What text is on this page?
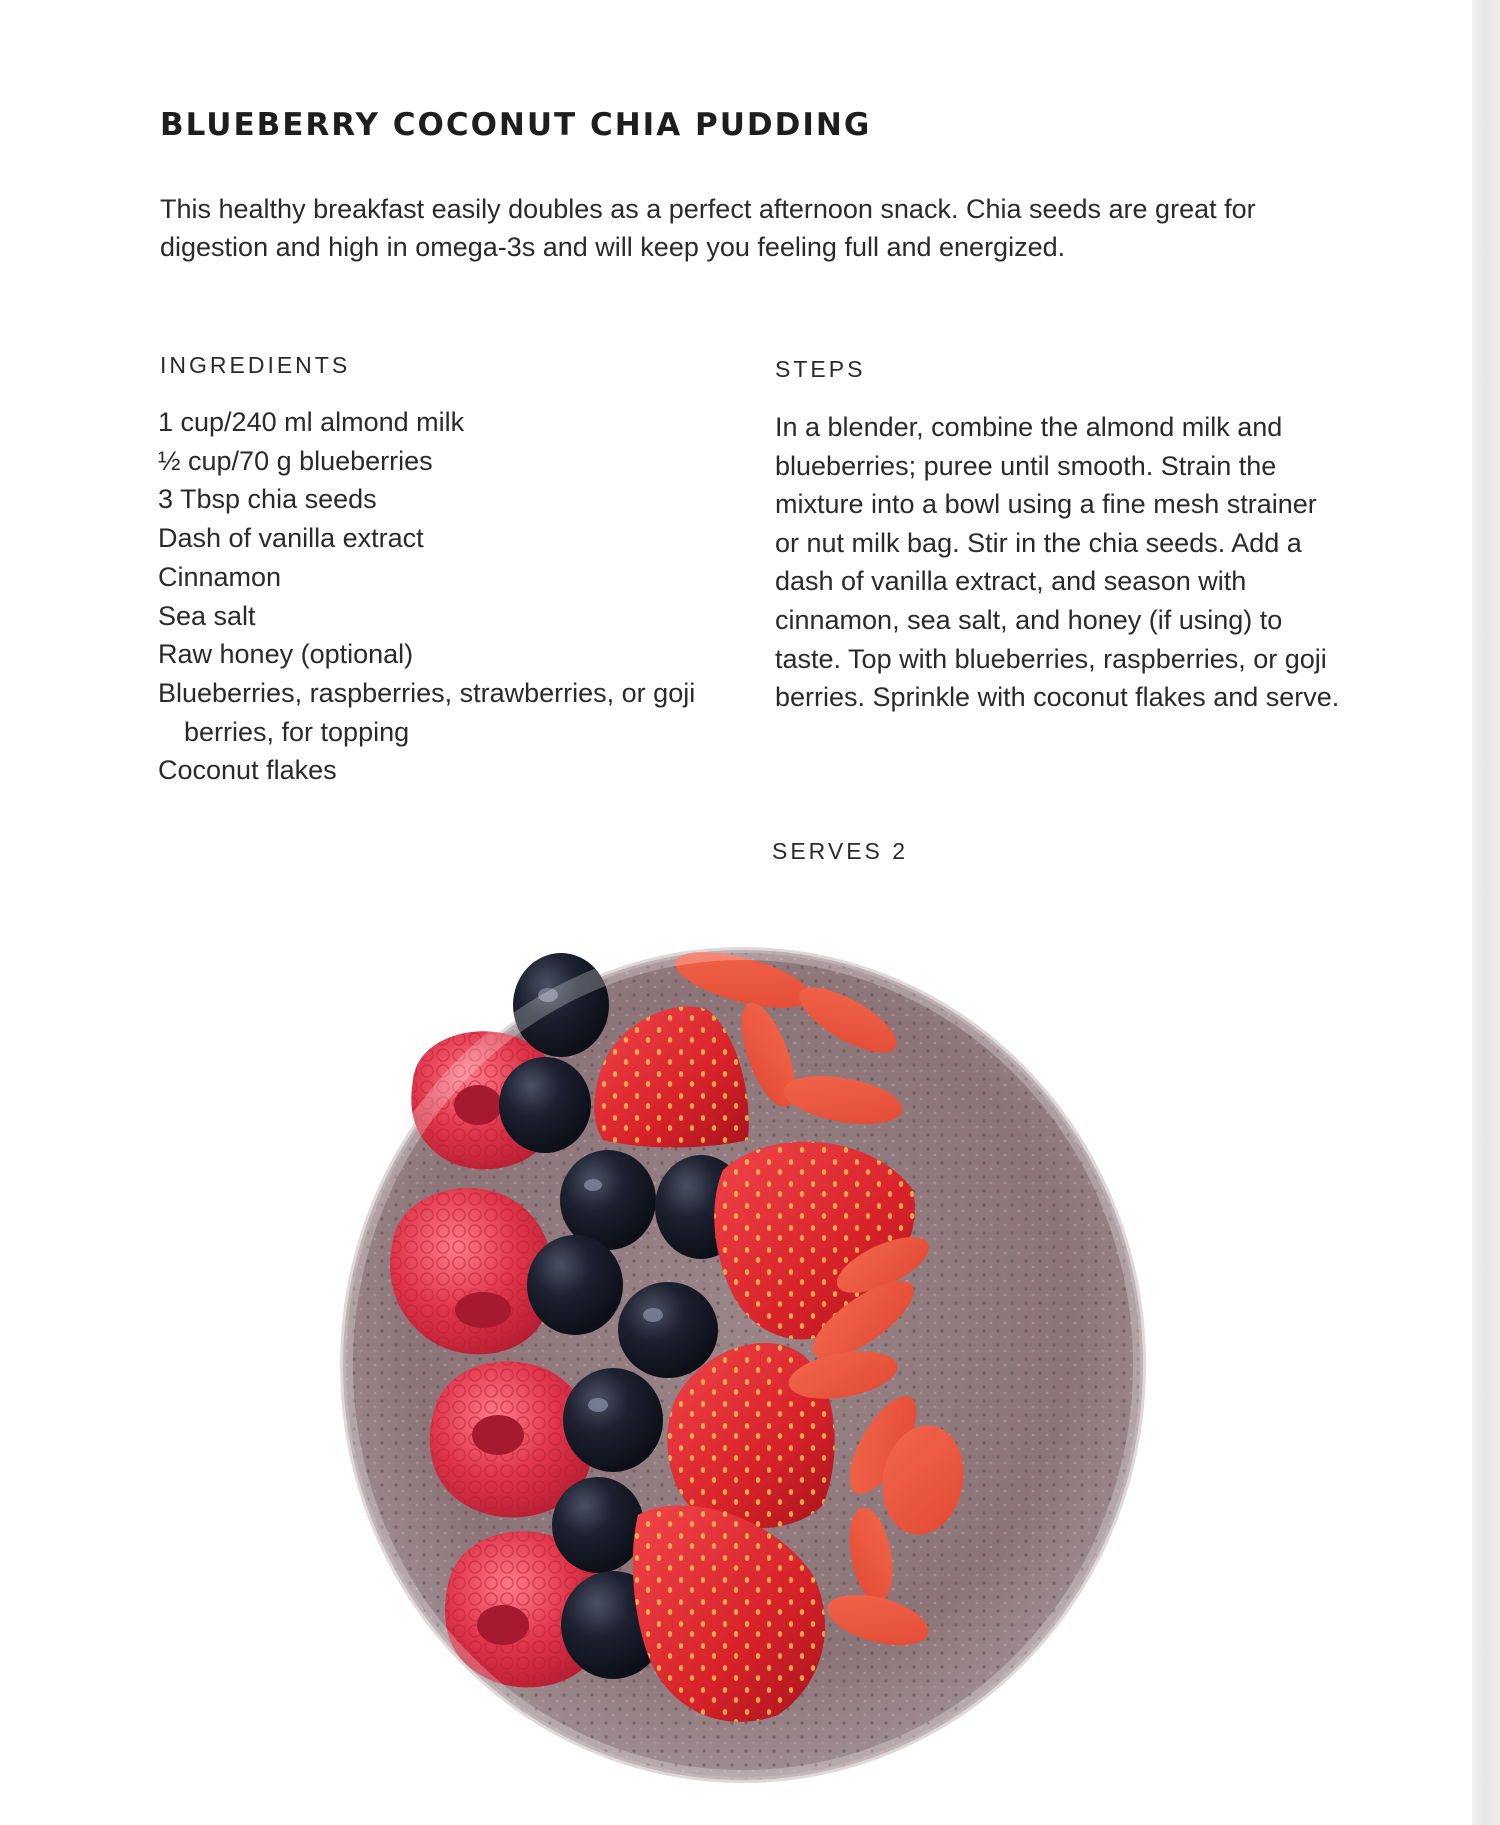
BLUEBERRY COCONUT CHIA PUDDING

This healthy breakfast easily doubles as a perfect afternoon snack. Chia seeds are great for digestion and high in omega-3s and will keep you feeling full and energized.

INGREDIENTS
1 cup/240 ml almond milk
½ cup/70 g blueberries
3 Tbsp chia seeds
Dash of vanilla extract
Cinnamon
Sea salt
Raw honey (optional)
Blueberries, raspberries, strawberries, or goji berries, for topping
Coconut flakes
STEPS

In a blender, combine the almond milk and blueberries; puree until smooth. Strain the mixture into a bowl using a fine mesh strainer or nut milk bag. Stir in the chia seeds. Add a dash of vanilla extract, and season with cinnamon, sea salt, and honey (if using) to taste. Top with blueberries, raspberries, or goji berries. Sprinkle with coconut flakes and serve.

SERVES 2
